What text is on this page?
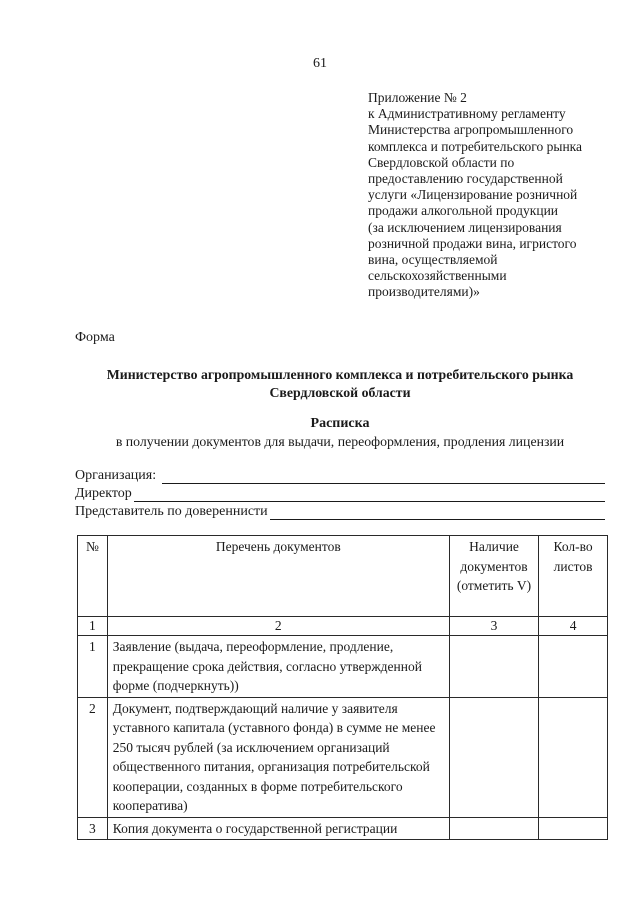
61
Приложение № 2
к Административному регламенту
Министерства агропромышленного
комплекса и потребительского рынка
Свердловской области по
предоставлению государственной
услуги «Лицензирование розничной
продажи алкогольной продукции
(за исключением лицензирования
розничной продажи вина, игристого
вина, осуществляемой
сельскохозяйственными
производителями)»
Форма
Министерство агропромышленного комплекса и потребительского рынка
Свердловской области
Расписка
в получении документов для выдачи, переоформления, продления лицензии
Организация:
Директор
Представитель по довереннисти
№	Перечень документов	Наличие документов (отметить V)	Кол-во листов
1	2	3	4
1	Заявление (выдача, переоформление, продление, прекращение срока действия, согласно утвержденной форме (подчеркнуть))		
2	Документ, подтверждающий наличие у заявителя уставного капитала (уставного фонда) в сумме не менее 250 тысяч рублей (за исключением организаций общественного питания, организация потребительской кооперации, созданных в форме потребительского кооператива)		
3	Копия документа о государственной регистрации		
